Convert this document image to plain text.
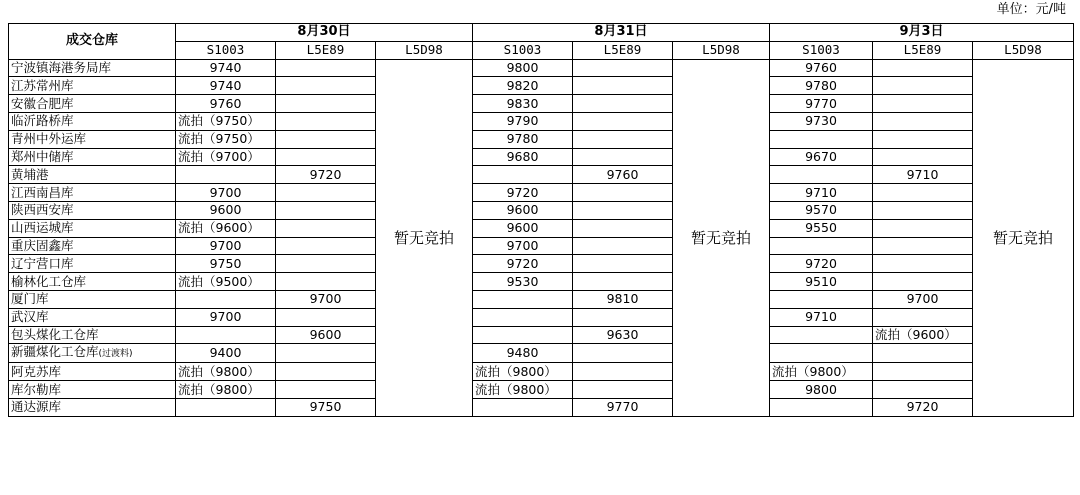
单位：元/吨
成交仓库	8月30日			8月31日			9月3日		
	S1003	L5E89	L5D98	S1003	L5E89	L5D98	S1003	L5E89	L5D98
宁波镇海港务局库	9740		暂无竞拍	9800		暂无竞拍	9760		暂无竞拍
江苏常州库	9740			9820			9780		
安徽合肥库	9760			9830			9770		
临沂路桥库	流拍（9750）			9790			9730		
青州中外运库	流拍（9750）			9780					
郑州中储库	流拍（9700）			9680			9670		
黄埔港		9720			9760			9710	
江西南昌库	9700			9720			9710		
陕西西安库	9600			9600			9570		
山西运城库	流拍（9600）			9600			9550		
重庆固鑫库	9700			9700					
辽宁营口库	9750			9720			9720		
榆林化工仓库	流拍（9500）			9530			9510		
厦门库		9700			9810			9700	
武汉库	9700						9710		
包头煤化工仓库		9600			9630			流拍（9600）	
新疆煤化工仓库(过渡料)	9400			9480					
阿克苏库	流拍（9800）			流拍（9800）			流拍（9800）		
库尔勒库	流拍（9800）			流拍（9800）			9800		
通达源库		9750			9770			9720	
